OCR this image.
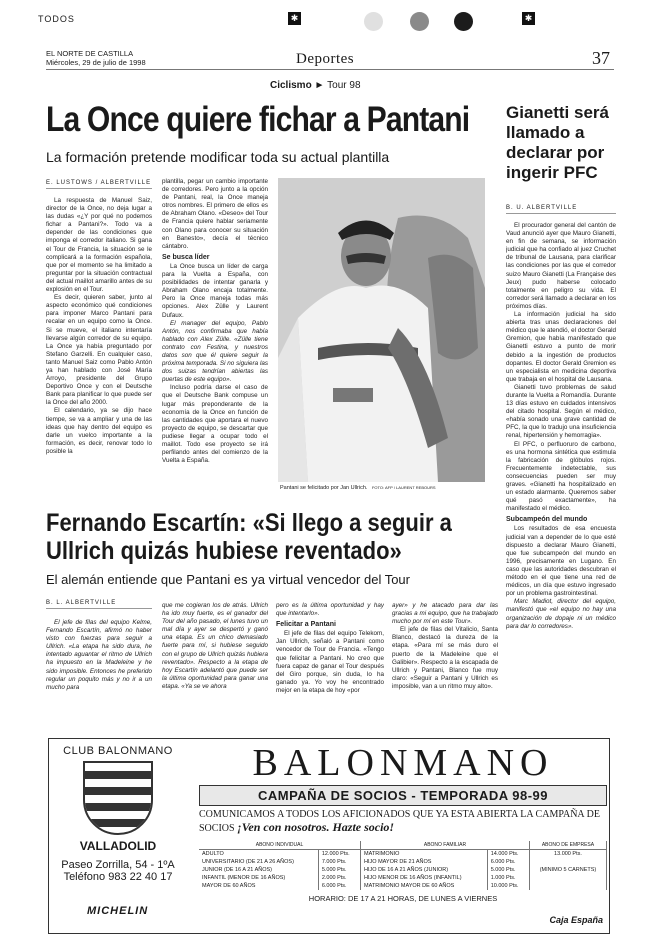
TODOS	✱	✱
EL NORTE DE CASTILLA
Miércoles, 29 de julio de 1998	Deportes	37
Ciclismo ► Tour 98
La Once quiere fichar a Pantani
La formación pretende modificar toda su actual plantilla
E. LUSTOWS / ALBERTVILLE

La respuesta de Manuel Saiz, director de la Once, no deja lugar a las dudas «¿Y por qué no podemos fichar a Pantani?». Todo va a depender de las condiciones que imponga el corredor italiano. Si gana el Tour de Francia, la situación se le complicará a la formación española, que por el momento se ha limitado a preguntar por la situación contractual del actual maillot amarillo antes de su explosión en el Tour.

Es decir, quieren saber, junto al aspecto económico qué condiciones para imponer Marco Pantani para recalar en un equipo como la Once. Si se mueve, el italiano intentaría llevarse algún corredor de su equipo. La Once ya había preguntado por Stefano Garzelli. En cualquier caso, tanto Manuel Saiz como Pablo Antón ya han hablado con José María Arroyo, presidente del Grupo Deportivo Once y con el Deutsche Bank para planificar lo que puede ser la Once del año 2000.

El calendario, ya se dijo hace tiempe, se va a ampliar y una de las ideas que hay dentro del equipo es darle un vuelco importante a la formación, es decir, renovar todo lo posible la

plantilla, pegar un cambio importante de corredores. Pero junto a la opción de Pantani, real, la Once maneja otros nombres. El primero de ellos es de Abraham Olano. «Deseo» del Tour de Francia quiere hablar seriamente con Olano para conocer su situación en Banesto», decía el técnico cántabro.

Se busca líder

La Once busca un líder de carga para la Vuelta a España, con posibilidades de intentar ganarla y Abraham Olano encaja totalmente. Pero la Once maneja todas más opciones. Alex Zülle y Laurent Dufaux.

El manager del equipo, Pablo Antón, nos confirmaba que había hablado con Alex Zülle. «Zülle tiene contrato con Festina, y nuestros datos son que él quiere seguir la próxima temporada. Si no siguiera las dos suizas tendrían abiertas las puertas de este equipo».

Incluso podría darse el caso de que el Deutsche Bank compuse un lugar más preponderante de la economía de la Once en función de las cantidades que aportara el nuevo proyecto de equipo, se descartar que pudiese llegar a ocupar todo el maillot. Todo ese proyecto se irá perfilando antes del comienzo de la Vuelta a España.

Pantani se felicitado por Jan Ullrich. FOTO: AFP / LAURENT REBOURS
Gianetti será llamado a declarar por ingerir PFC
B. U. ALBERTVILLE

El procurador general del cantón de Vaud anunció ayer que Mauro Gianetti, en fin de semana, se información judicial que ha confiado al juez Cruchet de tribunal de Lausana, para clarificar las condiciones por las que el corredor suizo Mauro Gianetti (La Française des Jeux) pudo haberse colocado totalmente en peligro su vida. El corredor será llamado a declarar en los próximos días.

La información judicial ha sido abierta tras unas declaraciones del médico que le atendió, el doctor Gerald Gremion, que había manifestado que Gianetti estuvo a punto de morir debido a la ingestión de productos dopantes. El doctor Gerald Gremion es un especialista en medicina deportiva que trabaja en el hospital de Lausana.

Gianetti tuvo problemas de salud durante la Vuelta a Romandía. Durante 13 días estuvo en cuidados intensivos del citado hospital. Según el médico, «había sonado una grave cantidad de PFC, la que lo tradujo una insuficiencia renal, hipertensión y hemorragia».

El PFC, o perfluoruro de carbono, es una hormona sintética que estimula la fabricación de glóbulos rojos. Frecuentemente indetectable, sus consecuencias pueden ser muy graves. «Gianetti ha hospitalizado en un estado alarmante. Queremos saber qué pasó exactamente», ha manifestado el médico.

Subcampeón del mundo

Los resultados de esa encuesta judicial van a depender de lo que esté dispuesto a declarar Mauro Gianetti, que fue subcampeón del mundo en 1996, precisamente en Lugano. En caso que las autoridades descubran el método en el que tiene una red de médicos, un día que estuvo ingresado por un problema gastrointestinal.

Marc Madiot, director del equipo, manifestó que «el equipo no hay una organización de dopaje ni un médico para dar lo corredores».

Fernando Escartín: «Si llego a seguir a
Ullrich quizás hubiese reventado»
El alemán entiende que Pantani es ya virtual vencedor del Tour
B. L. ALBERTVILLE

El jefe de filas del equipo Kelme, Fernando Escartín, afirmó no haber visto con fuerzas para seguir a Ullrich. «La etapa ha sido dura, he intentado aguantar el ritmo de Ullrich ha impuesto en la Madeleine y he sido imposible. Entonces he preferido regular un poquito más y no ir a un mucho para

que me cogieran los de atrás. Ullrich ha ido muy fuerte, es el ganador del Tour del año pasado, el lunes tuvo un mal día y ayer se despertó y ganó una etapa. Es un chico demasiado fuerte para mí, si hubiese seguido con el grupo de Ullrich quizás hubiera reventado». Respecto a la etapa de hoy Escartín adelantó que puede ser la última oportunidad para ganar una etapa. «Ya se ve ahora

pero es la última oportunidad y hay que intentarlo».

Felicitar a Pantani

El jefe de filas del equipo Telekom, Jan Ullrich, señaló a Pantani como vencedor de Tour de Francia. «Tengo que felicitar a Pantani. No creo que fuera capaz de ganar el Tour después del Giro porque, sin duda, lo ha ganado ya. Yo voy he encontrado mejor en la etapa de hoy «por

ayer» y he atacado para dar las gracias a mi equipo, que ha trabajado mucho por mí en este Tour».

El jefe de filas del Vitalicio, Santa Blanco, destacó la dureza de la etapa. «Para mí se más duro el puerto de la Madeleine que el Galibier». Respecto a la escapada de Ullrich y Pantani, Blanco fue muy claro: «Seguir a Pantani y Ullrich es imposible, van a un ritmo muy alto».

CLUB BALONMANO
VALLADOLID
Paseo Zorrilla, 54 - 1ºA
Teléfono 983 22 40 17
MICHELIN
BALONMANO
CAMPAÑA DE SOCIOS - TEMPORADA 98-99
COMUNICAMOS A TODOS LOS AFICIONADOS QUE YA ESTA ABIERTA LA CAMPAÑA DE SOCIOS ¡Ven con nosotros. Hazte socio!
ABONO INDIVIDUAL		ABONO FAMILIAR		ABONO DE EMPRESA
ADULTO	12.000 Pts.	MATRIMONIO	14.000 Pts.	13.000 Pts.
UNIVERSITARIO (DE 21 A 26 AÑOS)	7.000 Pts.	HIJO MAYOR DE 21 AÑOS	6.000 Pts.	
JUNIOR (DE 16 A 21 AÑOS)	5.000 Pts.	HIJO DE 16 A 21 AÑOS (JUNIOR)	5.000 Pts.	(MINIMO 5 CARNETS)
INFANTIL (MENOR DE 16 AÑOS)	2.000 Pts.	HIJO MENOR DE 16 AÑOS (INFANTIL)	1.000 Pts.	
MAYOR DE 60 AÑOS	6.000 Pts.	MATRIMONIO MAYOR DE 60 AÑOS	10.000 Pts.	
HORARIO: DE 17 A 21 HORAS, DE LUNES A VIERNES
Caja España
